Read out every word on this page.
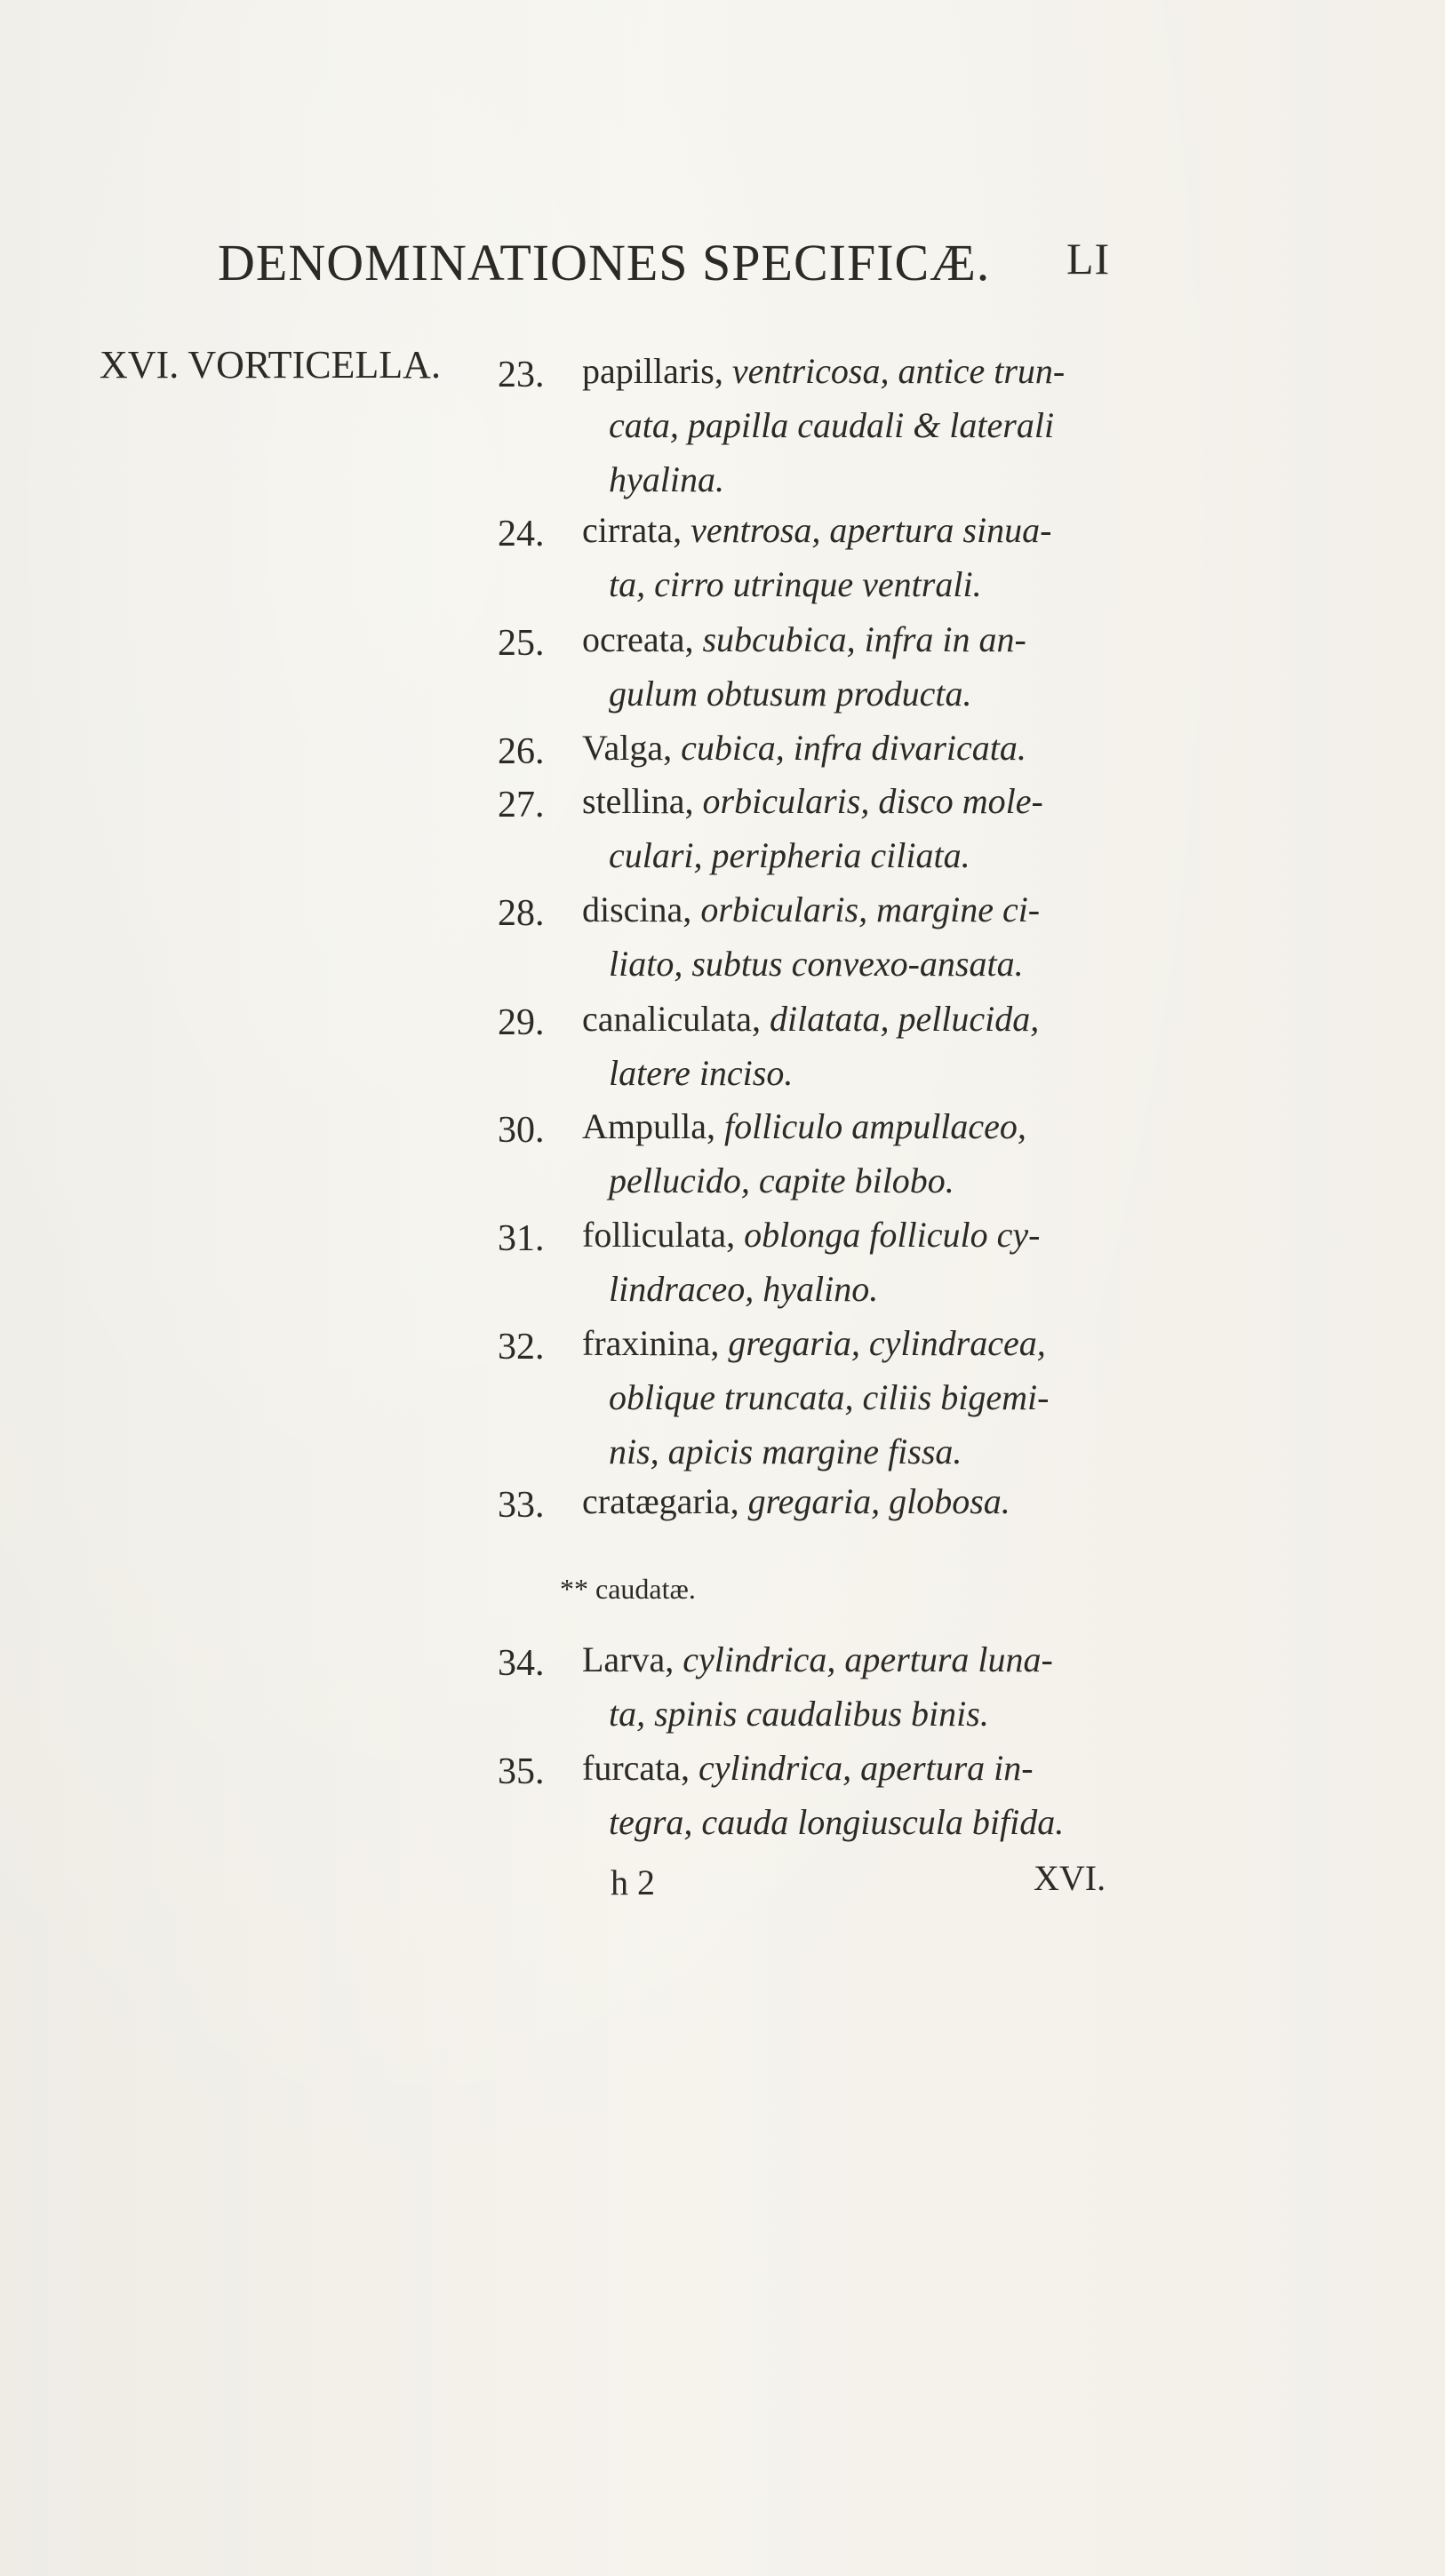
DENOMINATIONES SPECIFICÆ. LI
XVI. VORTICELLA. 23.	papillaris, ventricosa, antice trun-
cata, papilla caudali & laterali
hyalina.
24.	cirrata, ventrosa, apertura sinua-
ta, cirro utrinque ventrali.
25.	ocreata, subcubica, infra in an-
gulum obtusum producta.
26.	Valga, cubica, infra divaricata.
27.	stellina, orbicularis, disco mole-
culari, peripheria ciliata.
28.	discina, orbicularis, margine ci-
liato, subtus convexo-ansata.
29.	canaliculata, dilatata, pellucida,
latere inciso.
30.	Ampulla, folliculo ampullaceo,
pellucido, capite bilobo.
31.	folliculata, oblonga folliculo cy-
lindraceo, hyalino.
32.	fraxinina, gregaria, cylindracea,
oblique truncata, ciliis bigemi-
nis, apicis margine fissa.
33.	cratægaria, gregaria, globosa.
34.	Larva, cylindrica, apertura luna-
ta, spinis caudalibus binis.
35.	furcata, cylindrica, apertura in-
tegra, cauda longiuscula bifida.
** caudatæ.
h 2	XVI.
